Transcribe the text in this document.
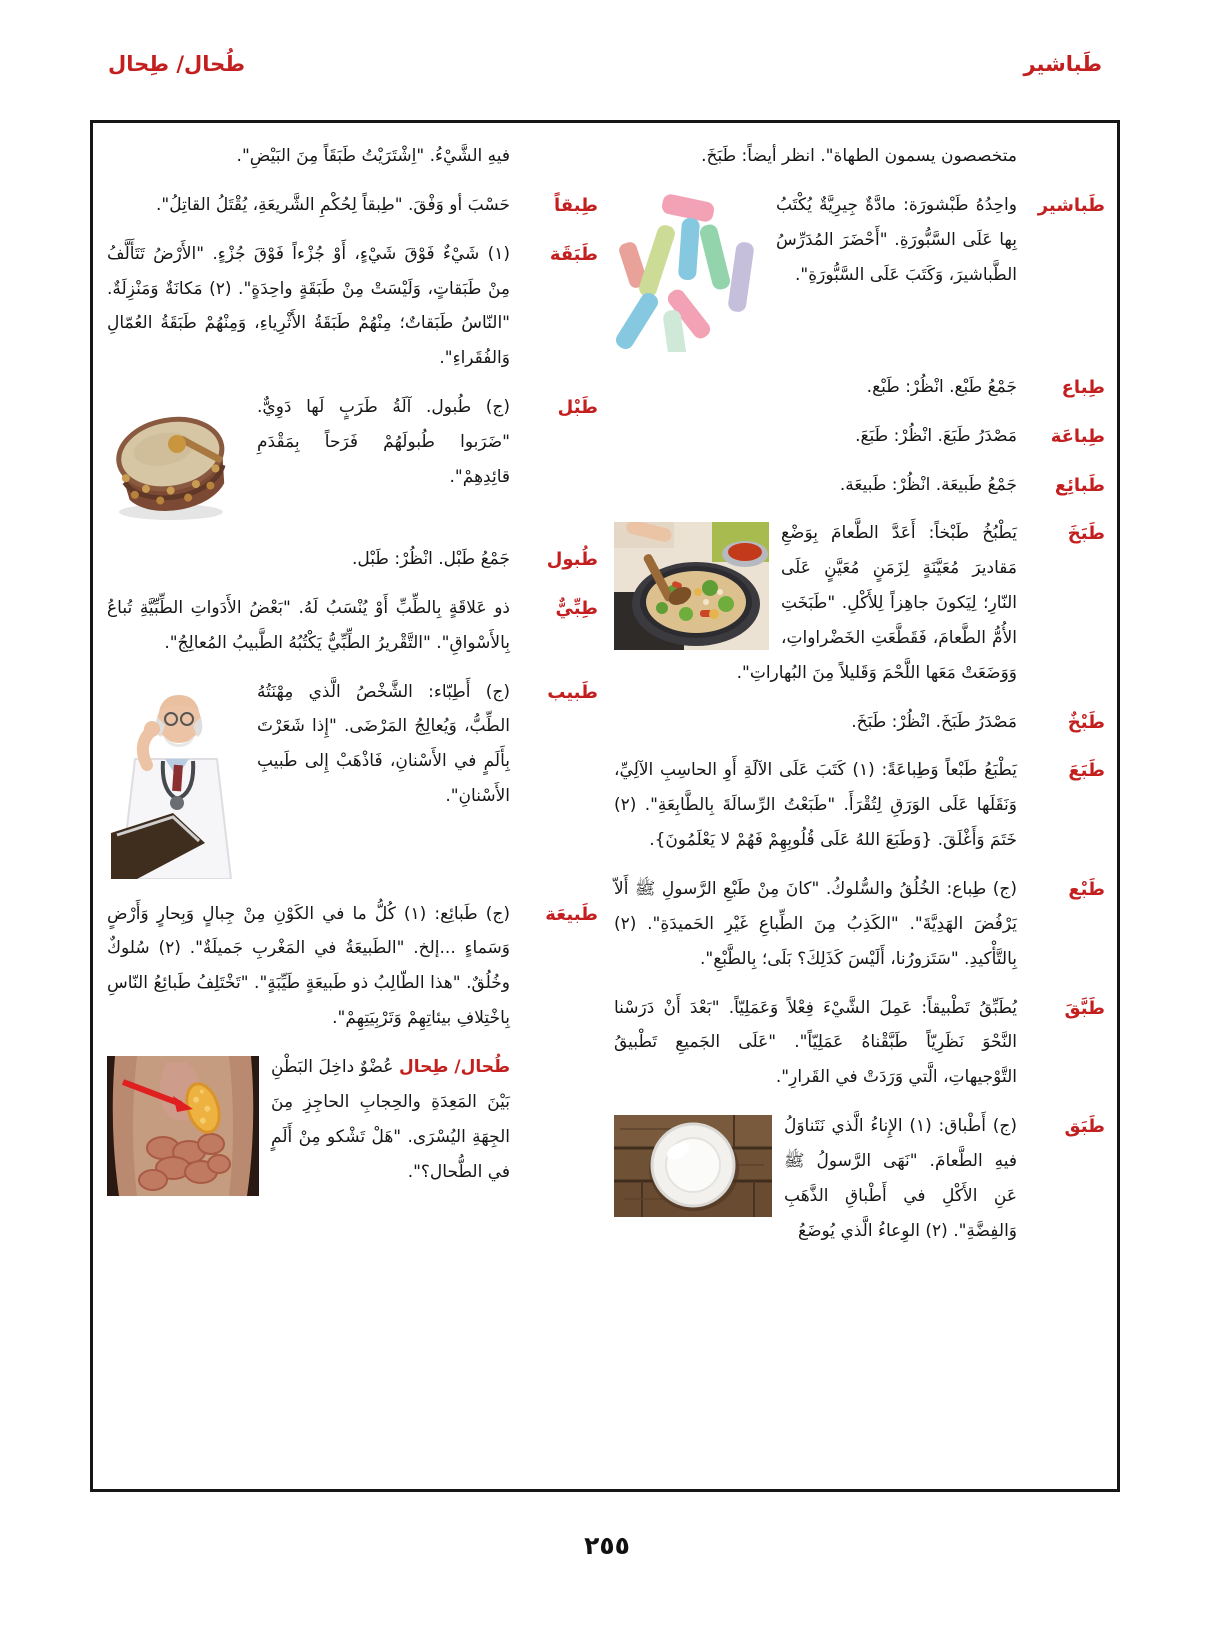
طُحال/ طِحال	طَباشير
متخصصون يسمون الطهاة". انظر أيضاً: طَبَخَ.
طَباشير
واحِدُهُ طَبْشورَة: مادَّةٌ جِيرِيَّةٌ يُكْتَبُ بِها عَلَى السَّبُّورَةِ. "أَحْضَرَ المُدَرِّسُ الطَّباشيرَ، وَكَتَبَ عَلَى السَّبُّورَةِ".
طِباع
جَمْعُ طَبْع. انْظُرْ: طَبْع.
طِباعَة
مَصْدَرُ طَبَعَ. انْظُرْ: طَبَعَ.
طَبائِع
جَمْعُ طَبيعَة. انْظُرْ: طَبيعَة.
طَبَخَ
يَطْبُخُ طَبْخاً: أَعَدَّ الطَّعامَ بِوَضْعِ مَقاديرَ مُعَيَّنَةٍ لِزَمَنٍ مُعَيَّنٍ عَلَى النّارِ؛ لِيَكونَ جاهِزاً لِلأَكْلِ. "طَبَخَتِ الأُمُّ الطَّعامَ، فَقَطَّعَتِ الخَضْراواتِ، وَوَضَعَتْ مَعَها اللَّحْمَ وَقَليلاً مِنَ البُهاراتِ".
طَبْخٌ
مَصْدَرُ طَبَخَ. انْظُرْ: طَبَخَ.
طَبَعَ
يَطْبَعُ طَبْعاً وَطِباعَةً: (١) كَتَبَ عَلَى الآلَةِ أَوِ الحاسِبِ الآلِيِّ، وَنَقَلَها عَلَى الوَرَقِ لِتُقْرَأَ. "طَبَعْتُ الرِّسالَةَ بِالطَّابِعَةِ". (٢) خَتَمَ وَأَغْلَقَ. {وَطَبَعَ اللهُ عَلَى قُلُوبِهِمْ فَهُمْ لا يَعْلَمُونَ}.
طَبْع
(ج) طِباع: الخُلُقُ والسُّلوكُ. "كانَ مِنْ طَبْعِ الرَّسولِ ﷺ أَلاّ يَرْفُضَ الهَدِيَّةَ". "الكَذِبُ مِنَ الطِّباعِ غَيْرِ الحَميدَةِ". (٢) بِالتَّأْكيدِ. "سَتَزورُنا، أَلَيْسَ كَذَلِكَ؟ بَلَى؛ بِالطَّبْعِ".
طَبَّقَ
يُطَبِّقُ تَطْبيقاً: عَمِلَ الشَّيْءَ فِعْلاً وَعَمَلِيّاً. "بَعْدَ أَنْ دَرَسْنا النَّحْوَ نَظَرِيّاً طَبَّقْناهُ عَمَلِيّاً". "عَلَى الجَميعِ تَطْبيقُ التَّوْجيهاتِ، الَّتي وَرَدَتْ في القَرارِ".
طَبَق
(ج) أَطْباق: (١) الإِناءُ الَّذي نَتَناوَلُ فيهِ الطَّعامَ. "نَهَى الرَّسولُ ﷺ عَنِ الأَكْلِ في أَطْباقِ الذَّهَبِ وَالفِضَّةِ". (٢) الوِعاءُ الَّذي يُوضَعُ
فيهِ الشَّيْءُ. "اِشْتَرَيْتُ طَبَقَاً مِنَ البَيْضِ".
طِبقاً
حَسْبَ أو وَفْقَ. "طِبقاً لِحُكْمِ الشَّريعَةِ، يُقْتَلُ القاتِلُ".
طَبَقَة
(١) شَيْءٌ فَوْقَ شَيْءٍ، أَوْ جُزْءاً فَوْقَ جُزْءٍ. "الأَرْضُ تَتَأَلَّفُ مِنْ طَبَقاتٍ، وَلَيْسَتْ مِنْ طَبَقَةٍ واحِدَةٍ". (٢) مَكانَةٌ وَمَنْزِلَةٌ. "النّاسُ طَبَقاتٌ؛ مِنْهُمْ طَبَقَةُ الأَثْرِياءِ، وَمِنْهُمْ طَبَقَةُ العُمّالِ وَالفُقَراءِ".
طَبْل
(ج) طُبول. آلَةُ طَرَبٍ لَها دَوِيٌّ. "ضَرَبوا طُبولَهُمْ فَرَحاً بِمَقْدَمِ قائِدِهِمْ".
طُبول
جَمْعُ طَبْل. انْظُرْ: طَبْل.
طِبِّيٌّ
ذو عَلاقَةٍ بِالطِّبِّ أَوْ يُنْسَبُ لَهُ. "بَعْضُ الأَدَواتِ الطِّبِّيَّةِ تُباعُ بِالأَسْواقِ". "التَّقْريرُ الطِّبِّيُّ يَكْتُبُهُ الطَّبيبُ المُعالِجُ".
طَبيب
(ج) أَطِبّاء: الشَّخْصُ الَّذي مِهْنَتُهُ الطِّبُّ، وَيُعالِجُ المَرْضَى. "إِذا شَعَرْتَ بِأَلَمٍ في الأَسْنانِ، فَاذْهَبْ إِلى طَبيبِ الأَسْنانِ".
طَبيعَة
(ج) طَبائِع: (١) كُلُّ ما في الكَوْنِ مِنْ جِبالٍ وَبِحارٍ وَأَرْضٍ وَسَماءٍ ...إلخ. "الطَبيعَةُ في المَغْربِ جَميلَةٌ". (٢) سُلوكٌ وخُلُقٌ. "هذا الطّالِبُ ذو طَبيعَةٍ طَيِّبَةٍ". "تَخْتَلِفُ طَبائِعُ النّاسِ بِاخْتِلافِ بيئاتِهِمْ وَتَرْبِيَتِهِمْ".
طُحال/ طِحال عُضْوٌ داخِلَ البَطْنِ بَيْنَ المَعِدَةِ والحِجابِ الحاجِزِ مِنَ الجِهَةِ اليُسْرَى. "هَلْ تَشْكو مِنْ أَلَمٍ في الطُّحال؟".
٢٥٥
